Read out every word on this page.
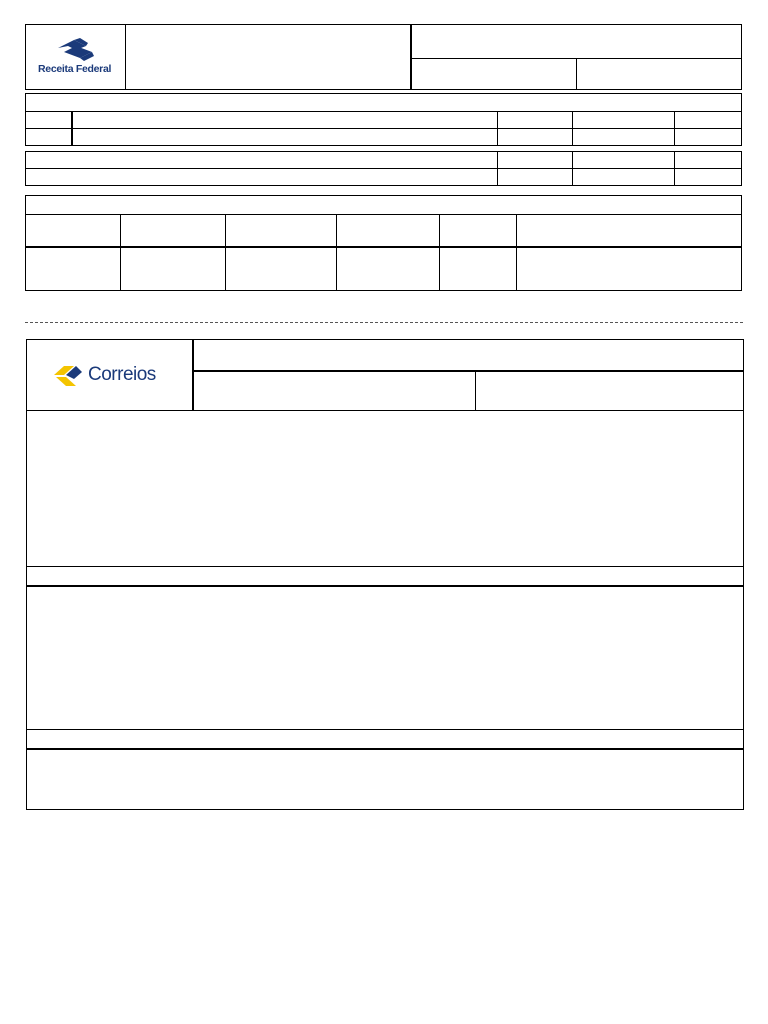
Receita Federal
Correios
